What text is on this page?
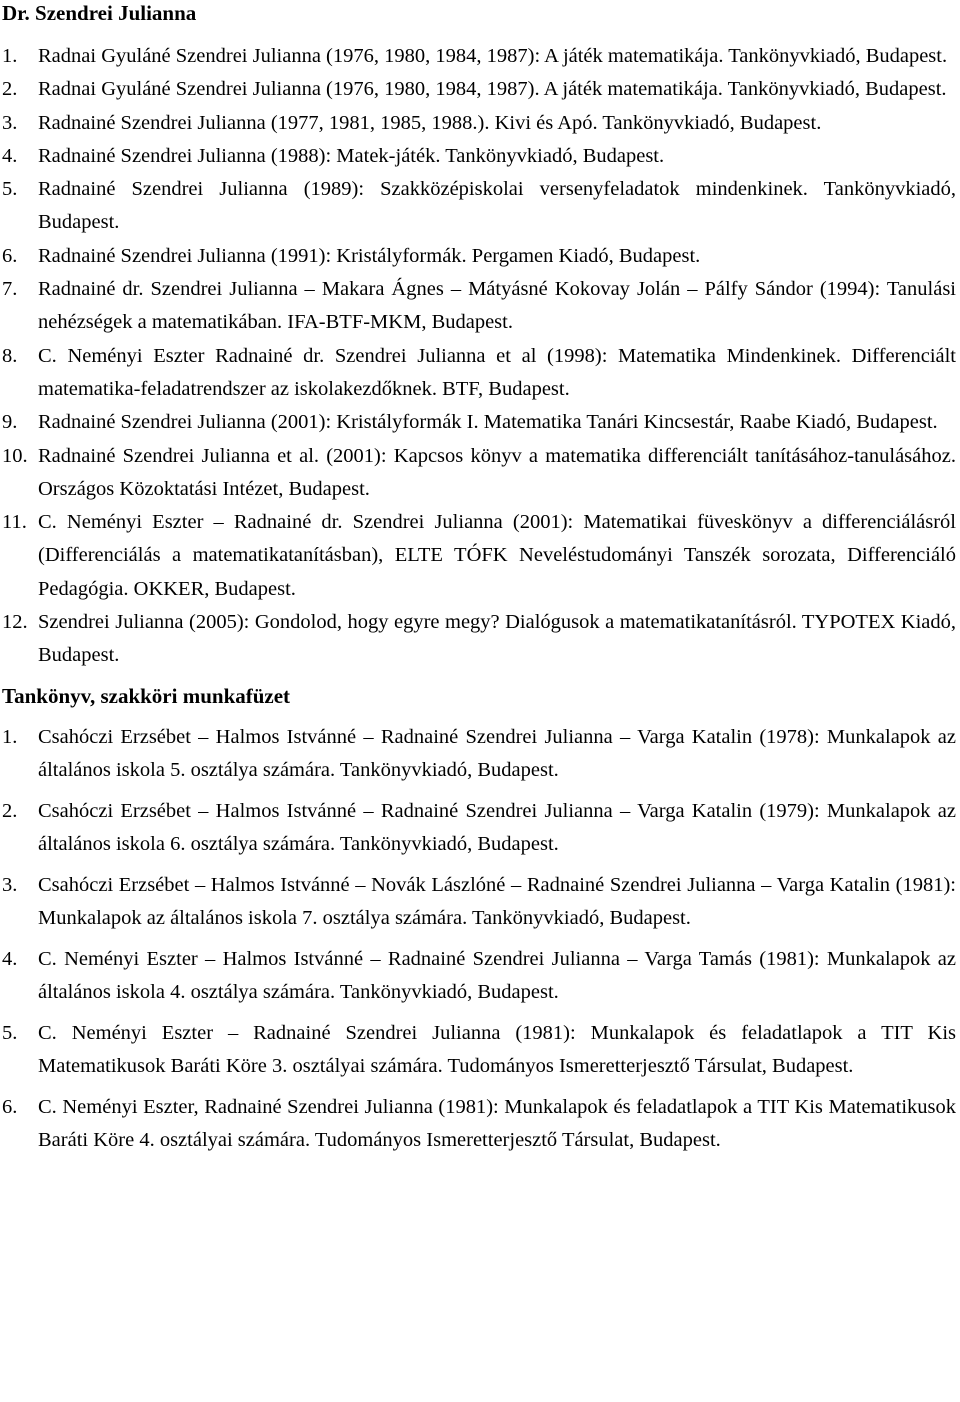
Dr. Szendrei Julianna
1. Radnai Gyuláné Szendrei Julianna (1976, 1980, 1984, 1987): A játék matematikája. Tankönyvkiadó, Budapest.
2. Radnai Gyuláné Szendrei Julianna (1976, 1980, 1984, 1987). A játék matematikája. Tankönyvkiadó, Budapest.
3. Radnainé Szendrei Julianna (1977, 1981, 1985, 1988.). Kivi és Apó. Tankönyvkiadó, Budapest.
4. Radnainé Szendrei Julianna (1988): Matek-játék. Tankönyvkiadó, Budapest.
5. Radnainé Szendrei Julianna (1989): Szakközépiskolai versenyfeladatok mindenkinek. Tankönyvkiadó, Budapest.
6. Radnainé Szendrei Julianna (1991): Kristályformák. Pergamen Kiadó, Budapest.
7. Radnainé dr. Szendrei Julianna – Makara Ágnes – Mátyásné Kokovay Jolán – Pálfy Sándor (1994): Tanulási nehézségek a matematikában. IFA-BTF-MKM, Budapest.
8. C. Neményi Eszter Radnainé dr. Szendrei Julianna et al (1998): Matematika Mindenkinek. Differenciált matematika-feladatrendszer az iskolakezdőknek. BTF, Budapest.
9. Radnainé Szendrei Julianna (2001): Kristályformák I. Matematika Tanári Kincsestár, Raabe Kiadó, Budapest.
10. Radnainé Szendrei Julianna et al. (2001): Kapcsos könyv a matematika differenciált tanításához-tanulásához. Országos Közoktatási Intézet, Budapest.
11. C. Neményi Eszter – Radnainé dr. Szendrei Julianna (2001): Matematikai füveskönyv a differenciálásról (Differenciálás a matematikatanításban), ELTE TÓFK Neveléstudományi Tanszék sorozata, Differenciáló Pedagógia. OKKER, Budapest.
12. Szendrei Julianna (2005): Gondolod, hogy egyre megy? Dialógusok a matematikatanításról. TYPOTEX Kiadó, Budapest.
Tankönyv, szakköri munkafüzet
1. Csahóczi Erzsébet – Halmos Istvánné – Radnainé Szendrei Julianna – Varga Katalin (1978): Munkalapok az általános iskola 5. osztálya számára. Tankönyvkiadó, Budapest.
2. Csahóczi Erzsébet – Halmos Istvánné – Radnainé Szendrei Julianna – Varga Katalin (1979): Munkalapok az általános iskola 6. osztálya számára. Tankönyvkiadó, Budapest.
3. Csahóczi Erzsébet – Halmos Istvánné – Novák Lászlóné – Radnainé Szendrei Julianna – Varga Katalin (1981): Munkalapok az általános iskola 7. osztálya számára. Tankönyvkiadó, Budapest.
4. C. Neményi Eszter – Halmos Istvánné – Radnainé Szendrei Julianna – Varga Tamás (1981): Munkalapok az általános iskola 4. osztálya számára. Tankönyvkiadó, Budapest.
5. C. Neményi Eszter – Radnainé Szendrei Julianna (1981): Munkalapok és feladatlapok a TIT Kis Matematikusok Baráti Köre 3. osztályai számára. Tudományos Ismeretterjesztő Társulat, Budapest.
6. C. Neményi Eszter, Radnainé Szendrei Julianna (1981): Munkalapok és feladatlapok a TIT Kis Matematikusok Baráti Köre 4. osztályai számára. Tudományos Ismeretterjesztő Társulat, Budapest.
